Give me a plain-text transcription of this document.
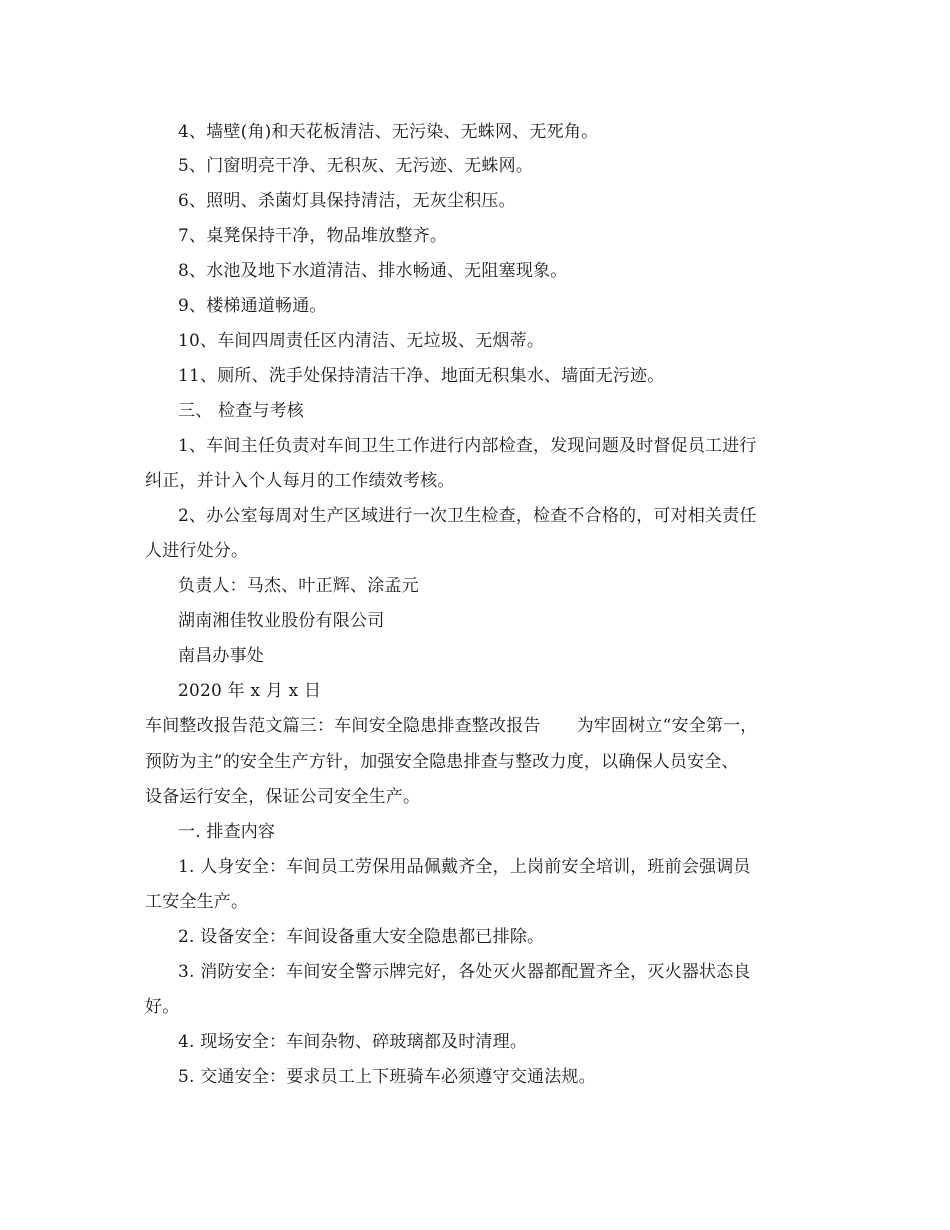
4、墙壁(角)和天花板清洁、无污染、无蛛网、无死角。
5、门窗明亮干净、无积灰、无污迹、无蛛网。
6、照明、杀菌灯具保持清洁，无灰尘积压。
7、桌凳保持干净，物品堆放整齐。
8、水池及地下水道清洁、排水畅通、无阻塞现象。
9、楼梯通道畅通。
10、车间四周责任区内清洁、无垃圾、无烟蒂。
11、厕所、洗手处保持清洁干净、地面无积集水、墙面无污迹。
三、 检查与考核
1、车间主任负责对车间卫生工作进行内部检查，发现问题及时督促员工进行
纠正，并计入个人每月的工作绩效考核。
2、办公室每周对生产区域进行一次卫生检查，检查不合格的，可对相关责任
人进行处分。
负责人：马杰、叶正辉、涂孟元
湖南湘佳牧业股份有限公司
南昌办事处
2020 年 x 月 x 日
车间整改报告范文篇三：车间安全隐患排查整改报告 为牢固树立“安全第一，
预防为主”的安全生产方针，加强安全隐患排查与整改力度，以确保人员安全、
设备运行安全，保证公司安全生产。
一. 排查内容
1. 人身安全：车间员工劳保用品佩戴齐全，上岗前安全培训，班前会强调员
工安全生产。
2. 设备安全：车间设备重大安全隐患都已排除。
3. 消防安全：车间安全警示牌完好，各处灭火器都配置齐全，灭火器状态良
好。
4. 现场安全：车间杂物、碎玻璃都及时清理。
5. 交通安全：要求员工上下班骑车必须遵守交通法规。
